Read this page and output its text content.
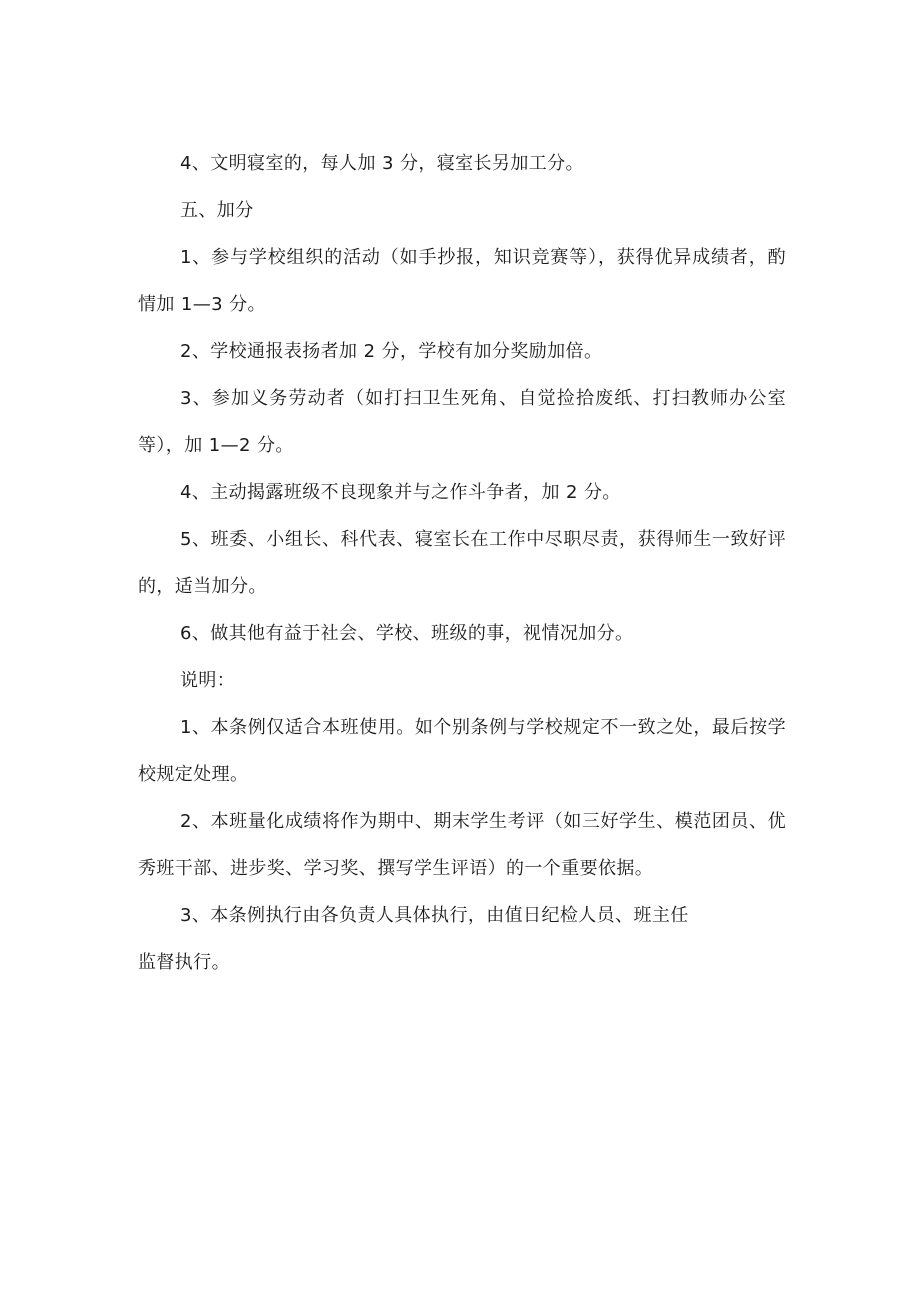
4、文明寝室的，每人加 3 分，寝室长另加工分。

五、加分

1、参与学校组织的活动（如手抄报，知识竞赛等），获得优异成绩者，酌情加 1—3 分。

2、学校通报表扬者加 2 分，学校有加分奖励加倍。

3、参加义务劳动者（如打扫卫生死角、自觉捡拾废纸、打扫教师办公室等），加 1—2 分。

4、主动揭露班级不良现象并与之作斗争者，加 2 分。

5、班委、小组长、科代表、寝室长在工作中尽职尽责，获得师生一致好评的，适当加分。

6、做其他有益于社会、学校、班级的事，视情况加分。

说明：

1、本条例仅适合本班使用。如个别条例与学校规定不一致之处，最后按学校规定处理。

2、本班量化成绩将作为期中、期末学生考评（如三好学生、模范团员、优秀班干部、进步奖、学习奖、撰写学生评语）的一个重要依据。

3、本条例执行由各负责人具体执行，由值日纪检人员、班主任

监督执行。
